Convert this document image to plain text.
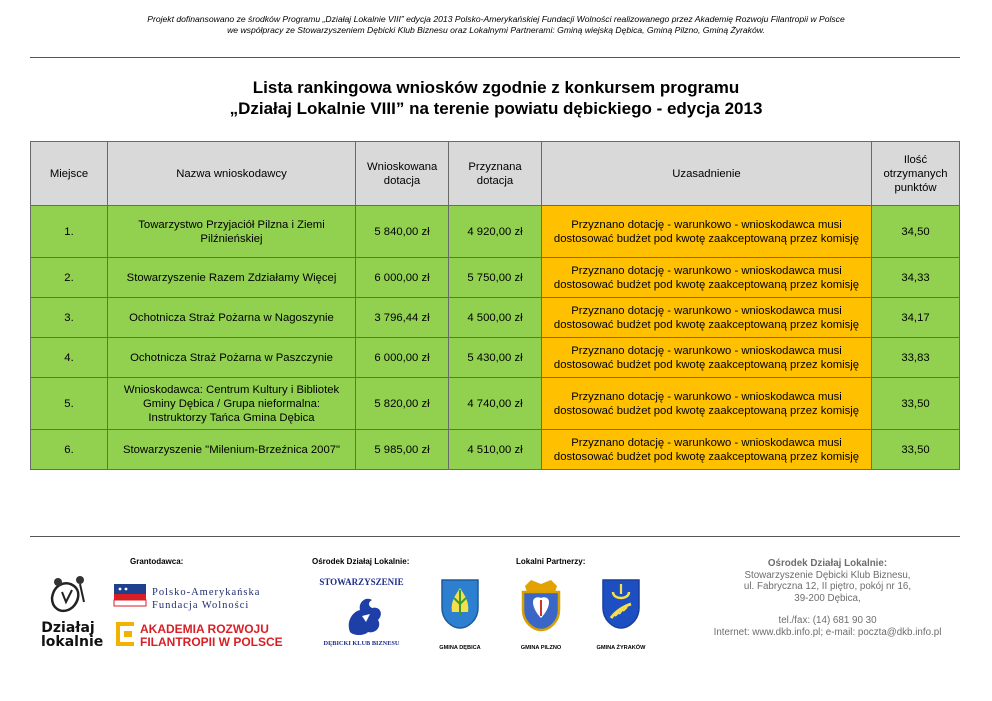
Projekt dofinansowano ze środków Programu „Działaj Lokalnie VIII” edycja 2013 Polsko-Amerykańskiej Fundacji Wolności realizowanego przez Akademię Rozwoju Filantropii w Polsce
we współpracy ze Stowarzyszeniem Dębicki Klub Biznesu oraz Lokalnymi Partnerami: Gminą wiejską Dębica, Gminą Pilzno, Gminą Żyraków.
Lista rankingowa wniosków zgodnie z konkursem programu
„Działaj Lokalnie VIII” na terenie powiatu dębickiego - edycja 2013
Miejsce	Nazwa wnioskodawcy	Wnioskowana dotacja	Przyznana dotacja	Uzasadnienie	Ilość otrzymanych punktów

1.	Towarzystwo Przyjaciół Pilzna i Ziemi Pilźnieńskiej	5 840,00 zł	4 920,00 zł	Przyznano dotację - warunkowo - wnioskodawca musi dostosować budżet pod kwotę zaakceptowaną przez komisję	34,50
2.	Stowarzyszenie Razem Zdziałamy Więcej	6 000,00 zł	5 750,00 zł	Przyznano dotację - warunkowo - wnioskodawca musi dostosować budżet pod kwotę zaakceptowaną przez komisję	34,33
3.	Ochotnicza Straż Pożarna w Nagoszynie	3 796,44 zł	4 500,00 zł	Przyznano dotację - warunkowo - wnioskodawca musi dostosować budżet pod kwotę zaakceptowaną przez komisję	34,17
4.	Ochotnicza Straż Pożarna w Paszczynie	6 000,00 zł	5 430,00 zł	Przyznano dotację - warunkowo - wnioskodawca musi dostosować budżet pod kwotę zaakceptowaną przez komisję	33,83
5.	Wnioskodawca: Centrum Kultury i Bibliotek Gminy Dębica / Grupa nieformalna: Instruktorzy Tańca Gmina Dębica	5 820,00 zł	4 740,00 zł	Przyznano dotację - warunkowo - wnioskodawca musi dostosować budżet pod kwotę zaakceptowaną przez komisję	33,50
6.	Stowarzyszenie "Milenium-Brzeźnica 2007"	5 985,00 zł	4 510,00 zł	Przyznano dotację - warunkowo - wnioskodawca musi dostosować budżet pod kwotę zaakceptowaną przez komisję	33,50
Grantodawca:	Ośrodek Działaj Lokalnie:	Lokalni Partnerzy:
Działaj lokalnie
Polsko-Amerykańska
Fundacja Wolności
AKADEMIA ROZWOJU
FILANTROPII W POLSCE
STOWARZYSZENIE
DĘBICKI KLUB BIZNESU
GMINA DĘBICA	GMINA PILZNO	GMINA ŻYRAKÓW
Ośrodek Działaj Lokalnie:
Stowarzyszenie Dębicki Klub Biznesu,
ul. Fabryczna 12, II piętro, pokój nr 16,
39-200 Dębica,
tel./fax: (14) 681 90 30
Internet: www.dkb.info.pl; e-mail: poczta@dkb.info.pl
